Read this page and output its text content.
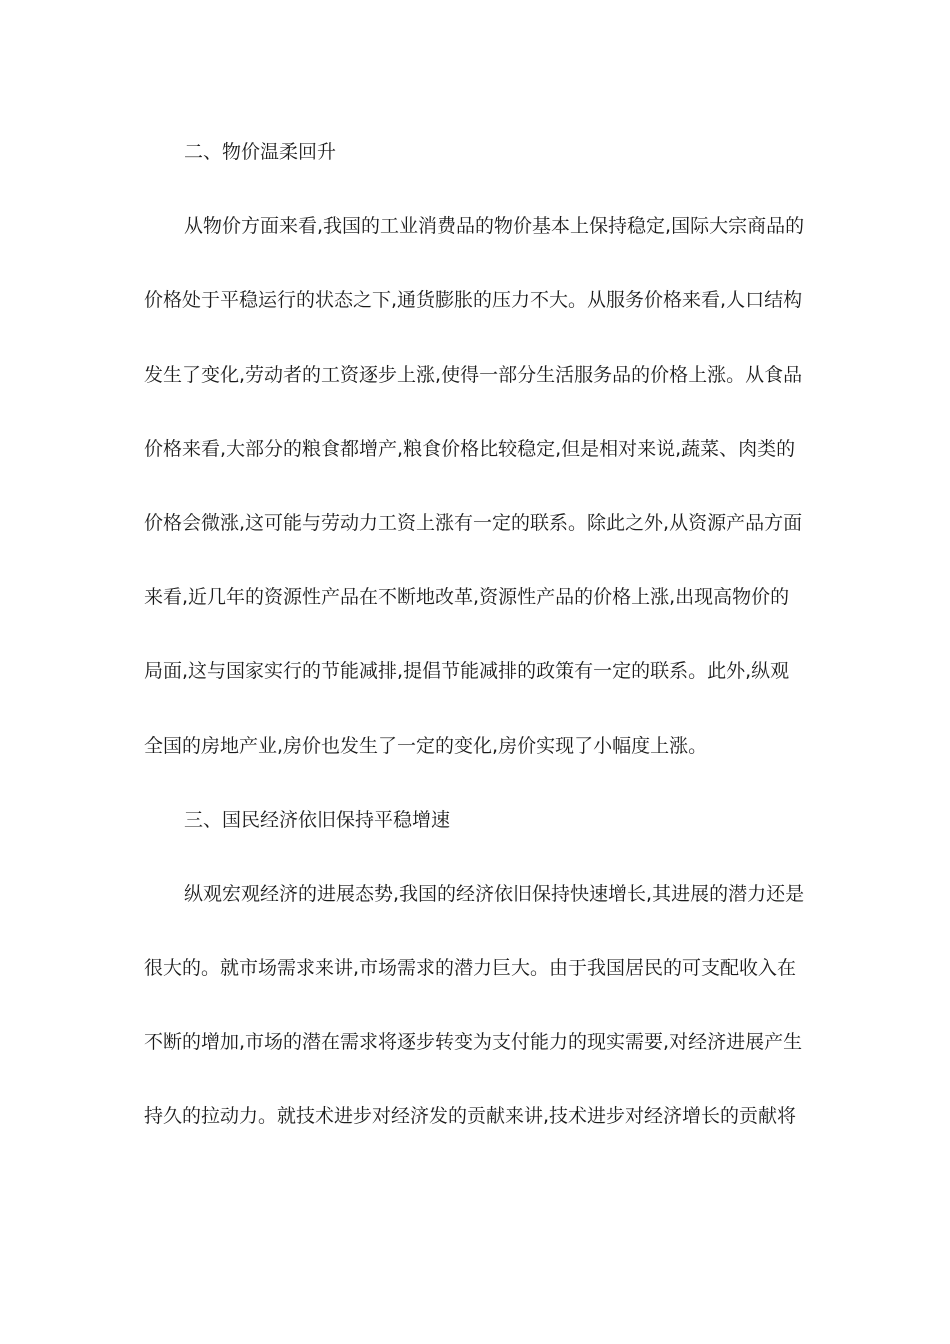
二、物价温柔回升
从物价方面来看,我国的工业消费品的物价基本上保持稳定,国际大宗商品的
价格处于平稳运行的状态之下,通货膨胀的压力不大。从服务价格来看,人口结构
发生了变化,劳动者的工资逐步上涨,使得一部分生活服务品的价格上涨。从食品
价格来看,大部分的粮食都增产,粮食价格比较稳定,但是相对来说,蔬菜、肉类的
价格会微涨,这可能与劳动力工资上涨有一定的联系。除此之外,从资源产品方面
来看,近几年的资源性产品在不断地改革,资源性产品的价格上涨,出现高物价的
局面,这与国家实行的节能减排,提倡节能减排的政策有一定的联系。此外,纵观
全国的房地产业,房价也发生了一定的变化,房价实现了小幅度上涨。
三、国民经济依旧保持平稳增速
纵观宏观经济的进展态势,我国的经济依旧保持快速增长,其进展的潜力还是
很大的。就市场需求来讲,市场需求的潜力巨大。由于我国居民的可支配收入在
不断的增加,市场的潜在需求将逐步转变为支付能力的现实需要,对经济进展产生
持久的拉动力。就技术进步对经济发的贡献来讲,技术进步对经济增长的贡献将
